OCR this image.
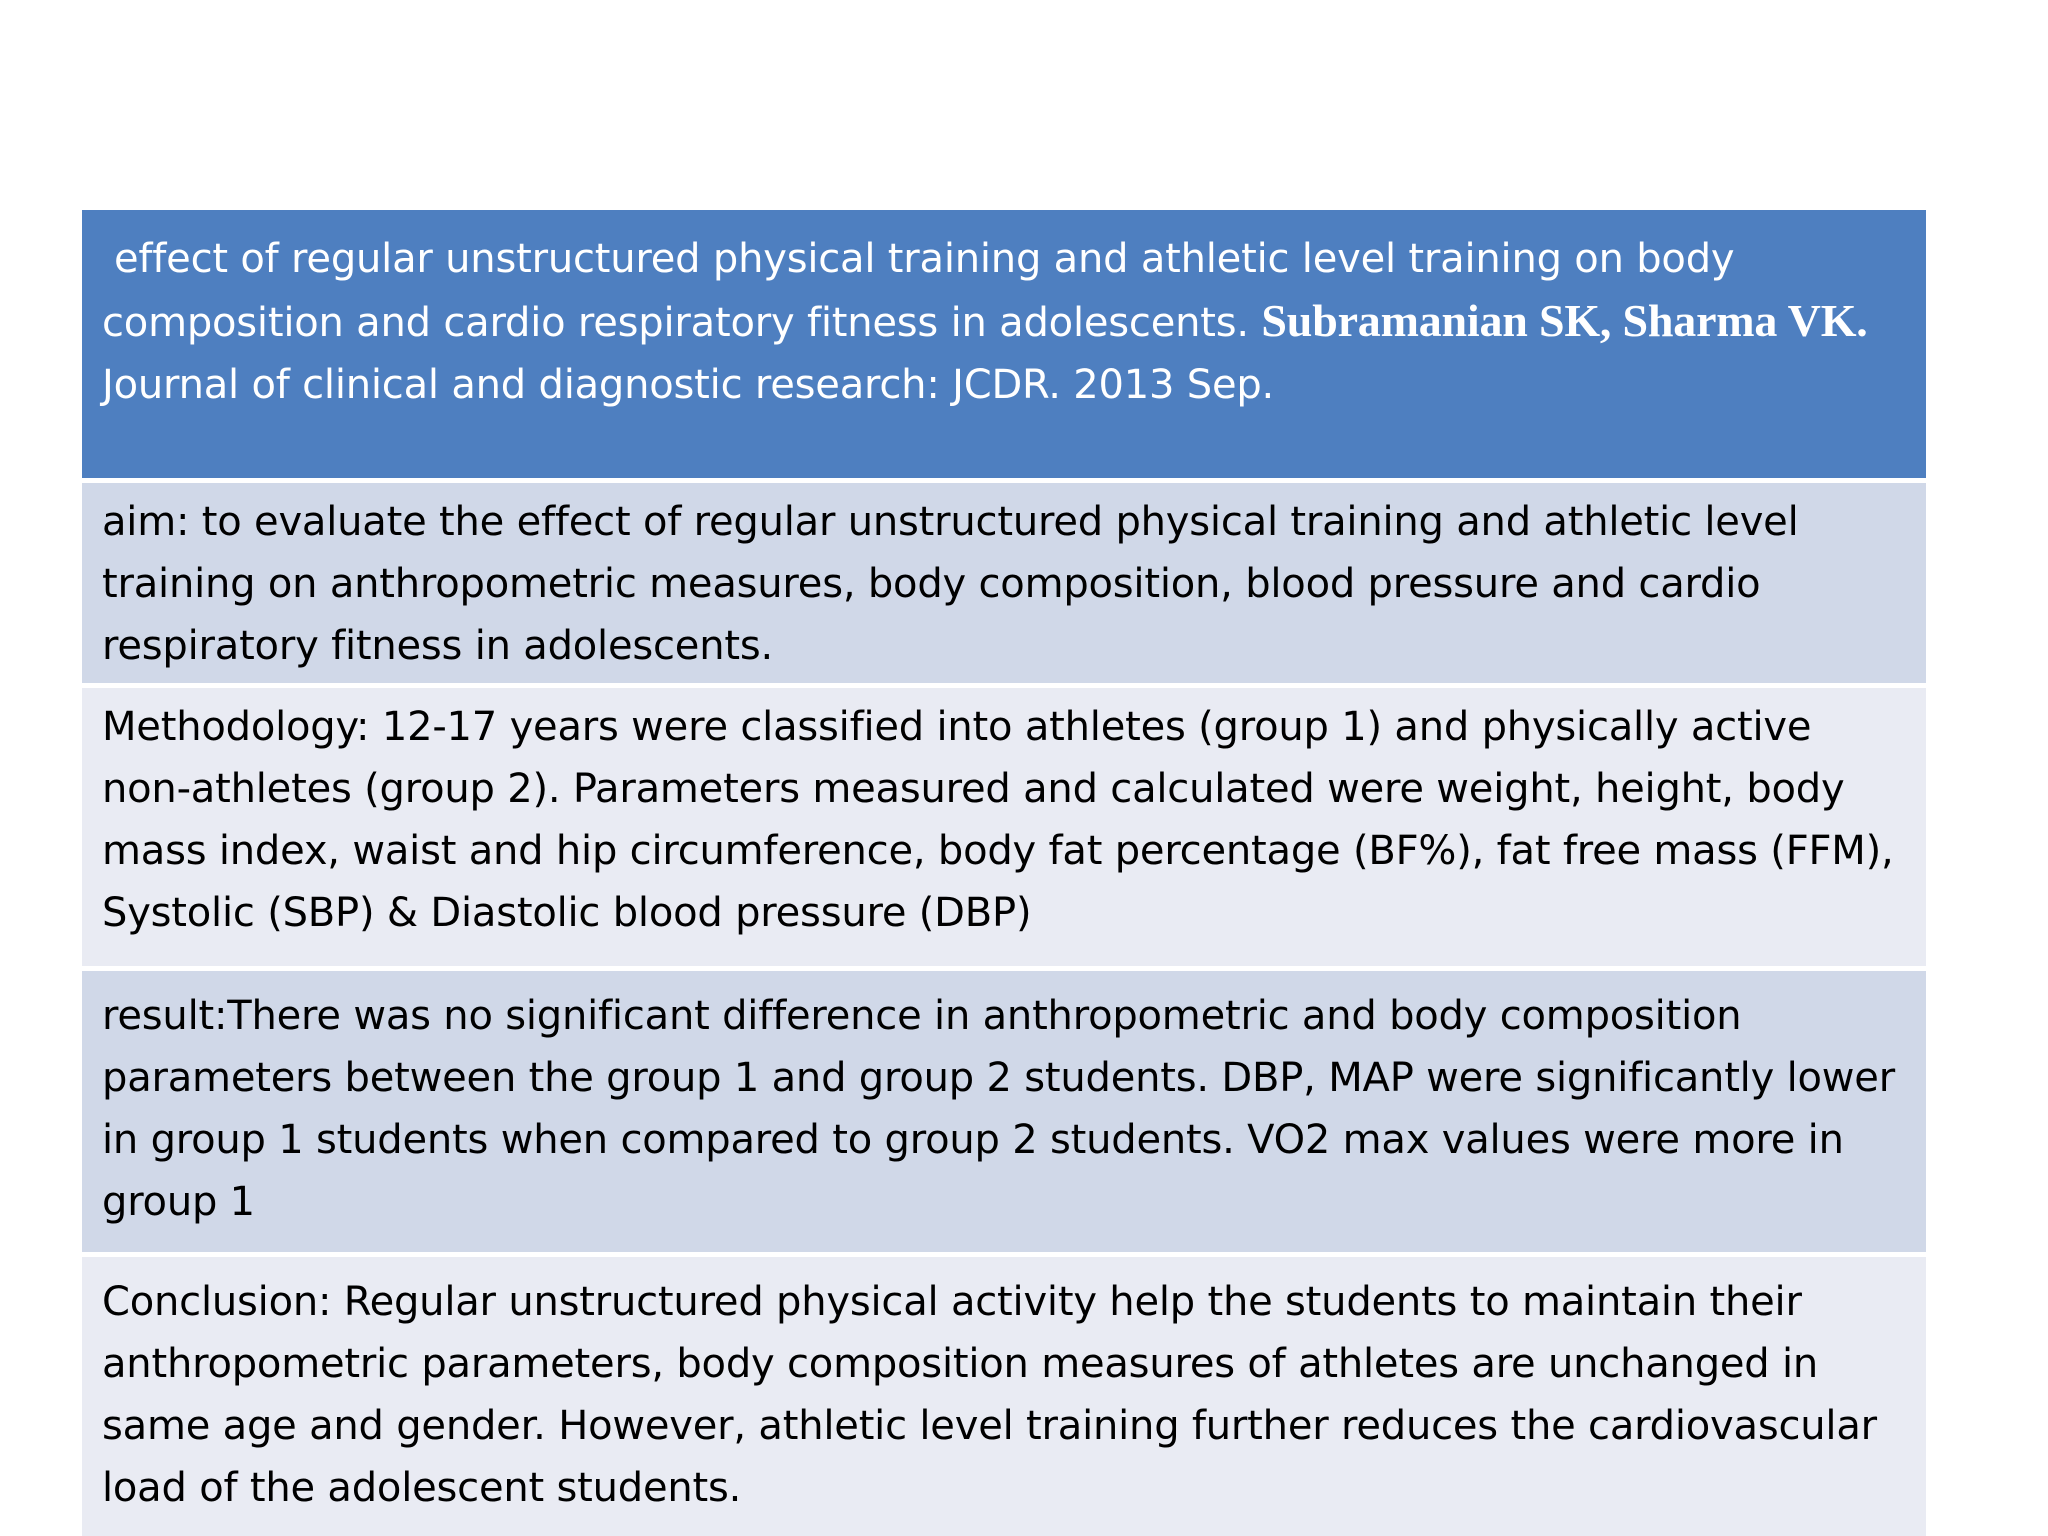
effect of regular unstructured physical training and athletic level training on body composition and cardio respiratory fitness in adolescents. Subramanian SK, Sharma VK. Journal of clinical and diagnostic research: JCDR. 2013 Sep.
aim: to evaluate the effect of regular unstructured physical training and athletic level training on anthropometric measures, body composition, blood pressure and cardio respiratory fitness in adolescents.
Methodology: 12-17 years were classified into athletes (group 1) and physically active non-athletes (group 2). Parameters measured and calculated were weight, height, body mass index, waist and hip circumference, body fat percentage (BF%), fat free mass (FFM), Systolic (SBP) & Diastolic blood pressure (DBP)
result:There was no significant difference in anthropometric and body composition parameters between the group 1 and group 2 students. DBP, MAP were significantly lower in group 1 students when compared to group 2 students. VO2 max values were more in group 1
Conclusion: Regular unstructured physical activity help the students to maintain their anthropometric parameters, body composition measures of athletes are unchanged in same age and gender. However, athletic level training further reduces the cardiovascular load of the adolescent students.
